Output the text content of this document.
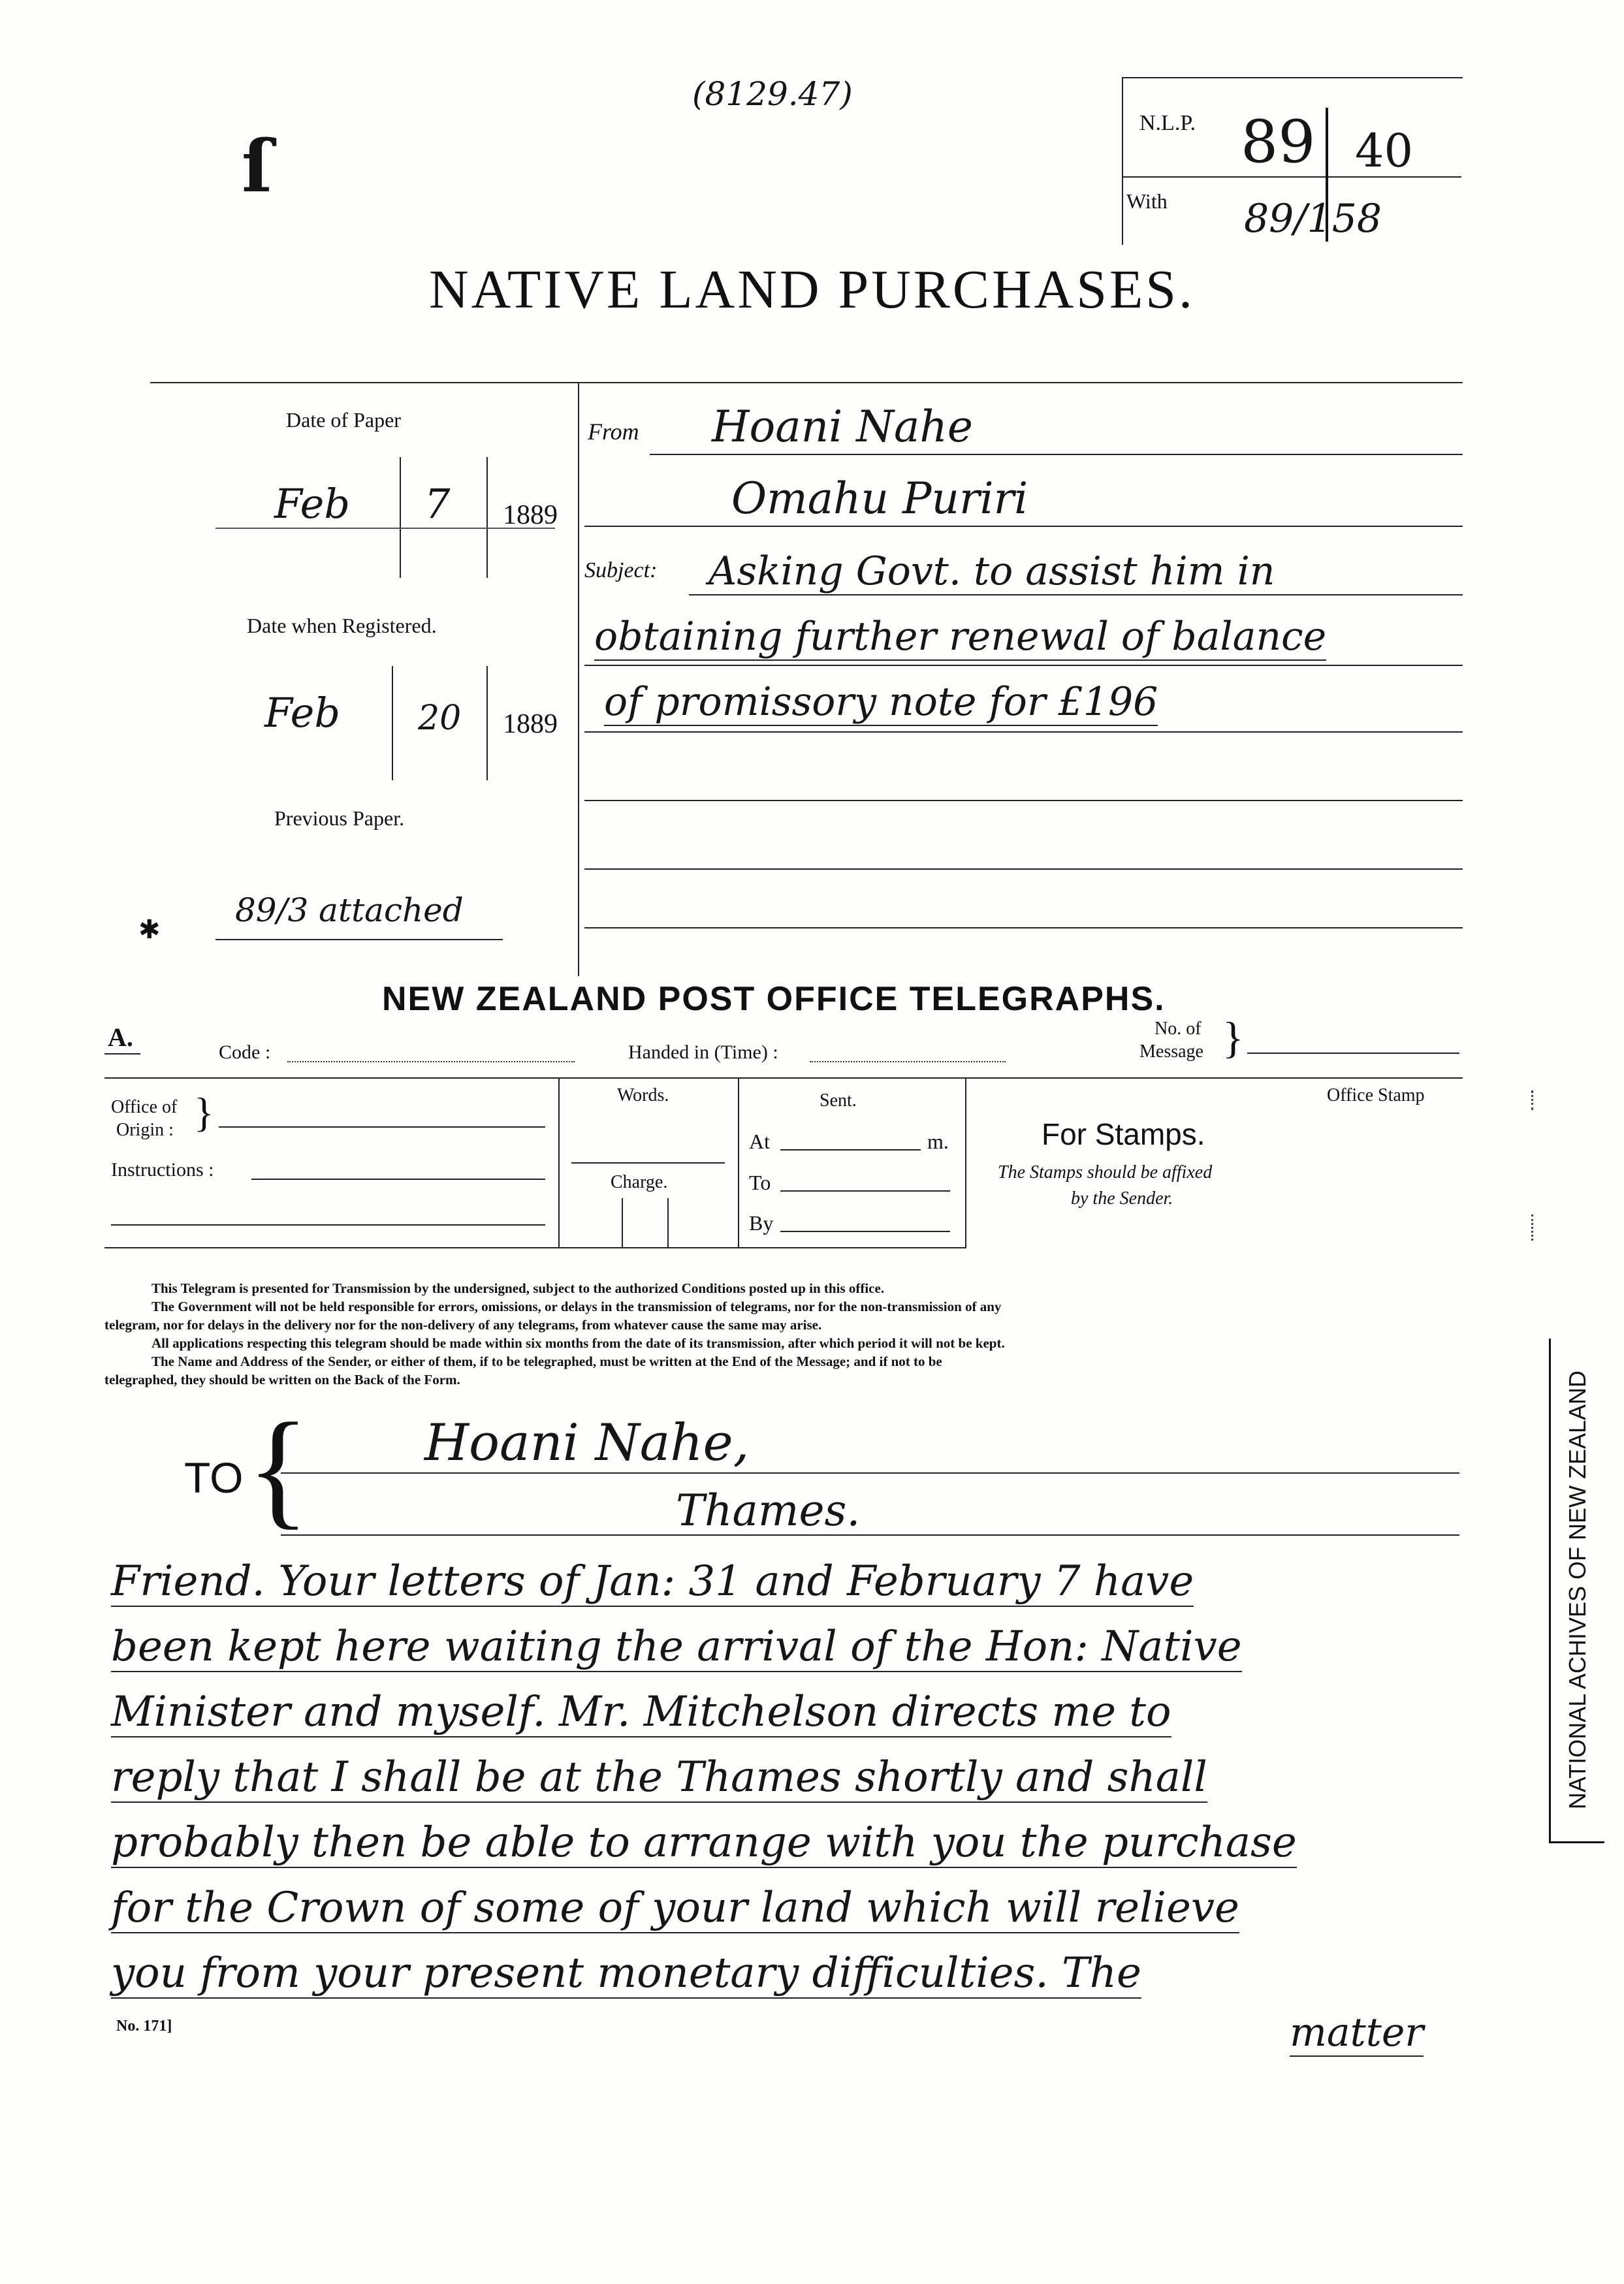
(8129.47)
ſ
N.L.P. 89 40
With 89/158
NATIVE LAND PURCHASES.
Date of Paper
Feb 7 1889
Date when Registered.
Feb 20 1889
Previous Paper.
89/3 attached
✱
From Hoani Nahe
Omahu Puriri
Subject: Asking Govt. to assist him in
obtaining further renewal of balance
of promissory note for £196
NEW ZEALAND POST OFFICE TELEGRAPHS.
A.
Code :	Handed in (Time) :
No. of
Message }
Office of
Origin : }
Instructions :
Words.
Charge.
Sent.
At	m.
To
By
Office Stamp
For Stamps.
The Stamps should be affixed
by the Sender.
This Telegram is presented for Transmission by the undersigned, subject to the authorized Conditions posted up in this office.
The Government will not be held responsible for errors, omissions, or delays in the transmission of telegrams, nor for the non-transmission of any
telegram, nor for delays in the delivery nor for the non-delivery of any telegrams, from whatever cause the same may arise.
All applications respecting this telegram should be made within six months from the date of its transmission, after which period it will not be kept.
The Name and Address of the Sender, or either of them, if to be telegraphed, must be written at the End of the Message; and if not to be
telegraphed, they should be written on the Back of the Form.
TO { Hoani Nahe,
Thames.
Friend. Your letters of Jan: 31 and February 7 have
been kept here waiting the arrival of the Hon: Native
Minister and myself. Mr. Mitchelson directs me to
reply that I shall be at the Thames shortly and shall
probably then be able to arrange with you the purchase
for the Crown of some of your land which will relieve
you from your present monetary difficulties. The
matter
No. 171]
NATIONAL ACHIVES OF NEW ZEALAND
